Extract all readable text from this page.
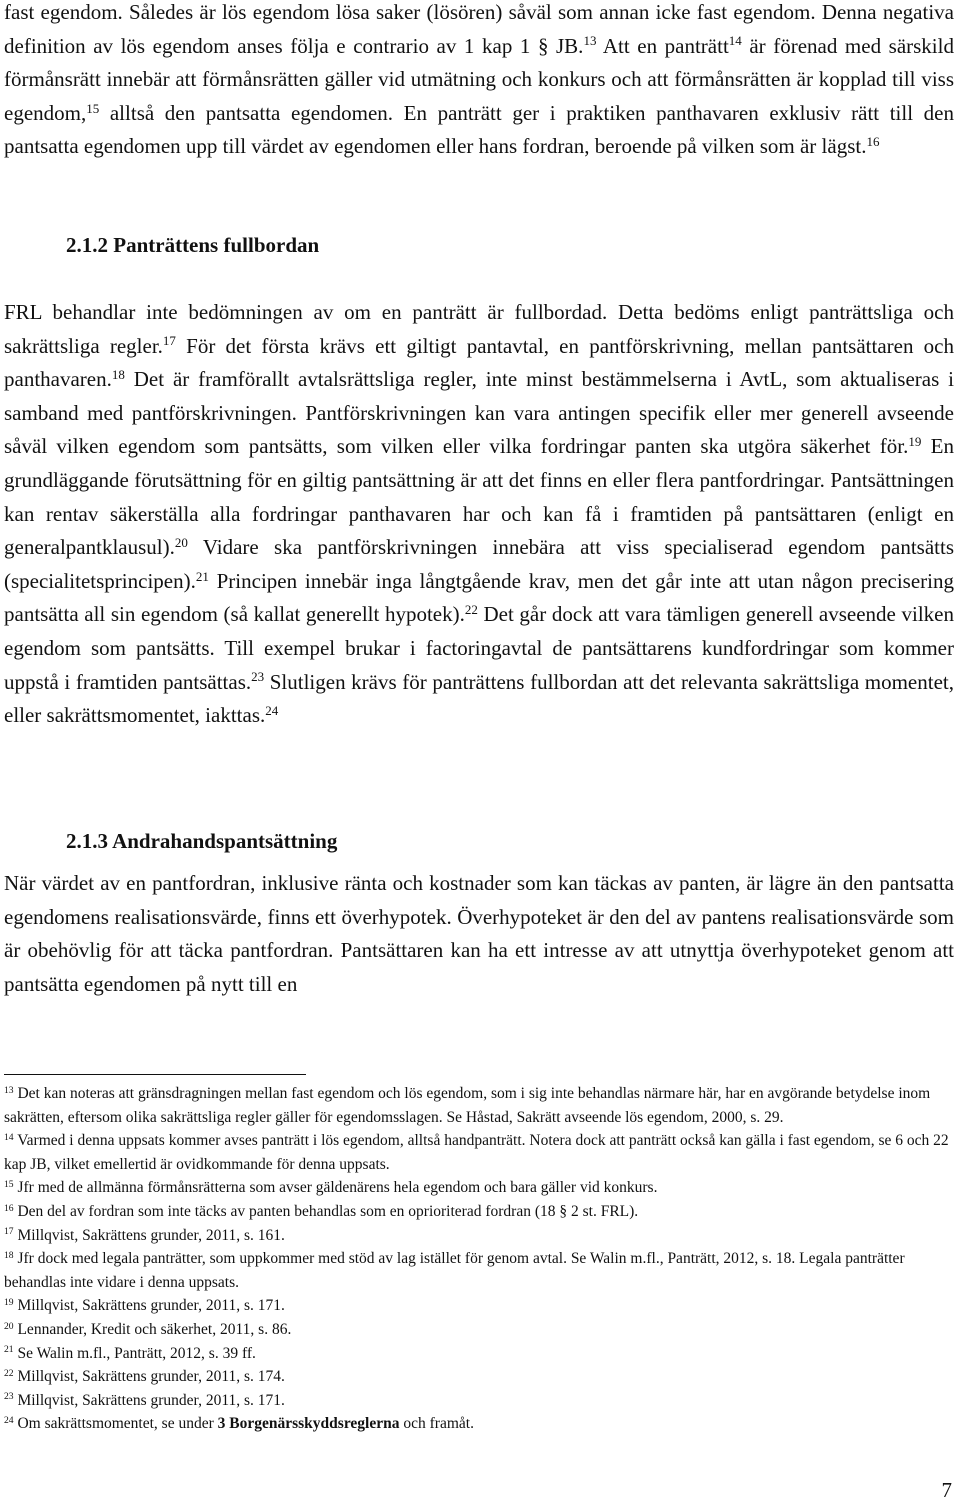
fast egendom. Således är lös egendom lösa saker (lösören) såväl som annan icke fast egendom. Denna negativa definition av lös egendom anses följa e contrario av 1 kap 1 § JB.$^{13}$ Att en panträtt$^{14}$ är förenad med särskild förmånsrätt innebär att förmånsrätten gäller vid utmätning och konkurs och att förmånsrätten är kopplad till viss egendom,$^{15}$ alltså den pantsatta egendomen. En panträtt ger i praktiken panthavaren exklusiv rätt till den pantsatta egendomen upp till värdet av egendomen eller hans fordran, beroende på vilken som är lägst.$^{16}$

2.1.2 Panträttens fullbordan

FRL behandlar inte bedömningen av om en panträtt är fullbordad. Detta bedöms enligt panträttsliga och sakrättsliga regler.$^{17}$ För det första krävs ett giltigt pantavtal, en pantförskrivning, mellan pantsättaren och panthavaren.$^{18}$ Det är framförallt avtalsrättsliga regler, inte minst bestämmelserna i AvtL, som aktualiseras i samband med pantförskrivningen. Pantförskrivningen kan vara antingen specifik eller mer generell avseende såväl vilken egendom som pantsätts, som vilken eller vilka fordringar panten ska utgöra säkerhet för.$^{19}$ En grundläggande förutsättning för en giltig pantsättning är att det finns en eller flera pantfordringar. Pantsättningen kan rentav säkerställa alla fordringar panthavaren har och kan få i framtiden på pantsättaren (enligt en generalpantklausul).$^{20}$ Vidare ska pantförskrivningen innebära att viss specialiserad egendom pantsätts (specialitetsprincipen).$^{21}$ Principen innebär inga långtgående krav, men det går inte att utan någon precisering pantsätta all sin egendom (så kallat generellt hypotek).$^{22}$ Det går dock att vara tämligen generell avseende vilken egendom som pantsätts. Till exempel brukar i factoringavtal de pantsättarens kundfordringar som kommer uppstå i framtiden pantsättas.$^{23}$ Slutligen krävs för panträttens fullbordan att det relevanta sakrättsliga momentet, eller sakrättsmomentet, iakttas.$^{24}$

2.1.3 Andrahandspantsättning

När värdet av en pantfordran, inklusive ränta och kostnader som kan täckas av panten, är lägre än den pantsatta egendomens realisationsvärde, finns ett överhypotek. Överhypoteket är den del av pantens realisationsvärde som är obehövlig för att täcka pantfordran. Pantsättaren kan ha ett intresse av att utnyttja överhypoteket genom att pantsätta egendomen på nytt till en

$^{13}$ Det kan noteras att gränsdragningen mellan fast egendom och lös egendom, som i sig inte behandlas närmare här, har en avgörande betydelse inom sakrätten, eftersom olika sakrättsliga regler gäller för egendomsslagen. Se Håstad, Sakrätt avseende lös egendom, 2000, s. 29.

$^{14}$ Varmed i denna uppsats kommer avses panträtt i lös egendom, alltså handpanträtt. Notera dock att panträtt också kan gälla i fast egendom, se 6 och 22 kap JB, vilket emellertid är ovidkommande för denna uppsats.

$^{15}$ Jfr med de allmänna förmånsrätterna som avser gäldenärens hela egendom och bara gäller vid konkurs.

$^{16}$ Den del av fordran som inte täcks av panten behandlas som en oprioriterad fordran (18 § 2 st. FRL).

$^{17}$ Millqvist, Sakrättens grunder, 2011, s. 161.

$^{18}$ Jfr dock med legala panträtter, som uppkommer med stöd av lag istället för genom avtal. Se Walin m.fl., Panträtt, 2012, s. 18. Legala panträtter behandlas inte vidare i denna uppsats.

$^{19}$ Millqvist, Sakrättens grunder, 2011, s. 171.

$^{20}$ Lennander, Kredit och säkerhet, 2011, s. 86.

$^{21}$ Se Walin m.fl., Panträtt, 2012, s. 39 ff.

$^{22}$ Millqvist, Sakrättens grunder, 2011, s. 174.

$^{23}$ Millqvist, Sakrättens grunder, 2011, s. 171.

$^{24}$ Om sakrättsmomentet, se under 3 Borgenärsskyddsreglerna och framåt.

7
